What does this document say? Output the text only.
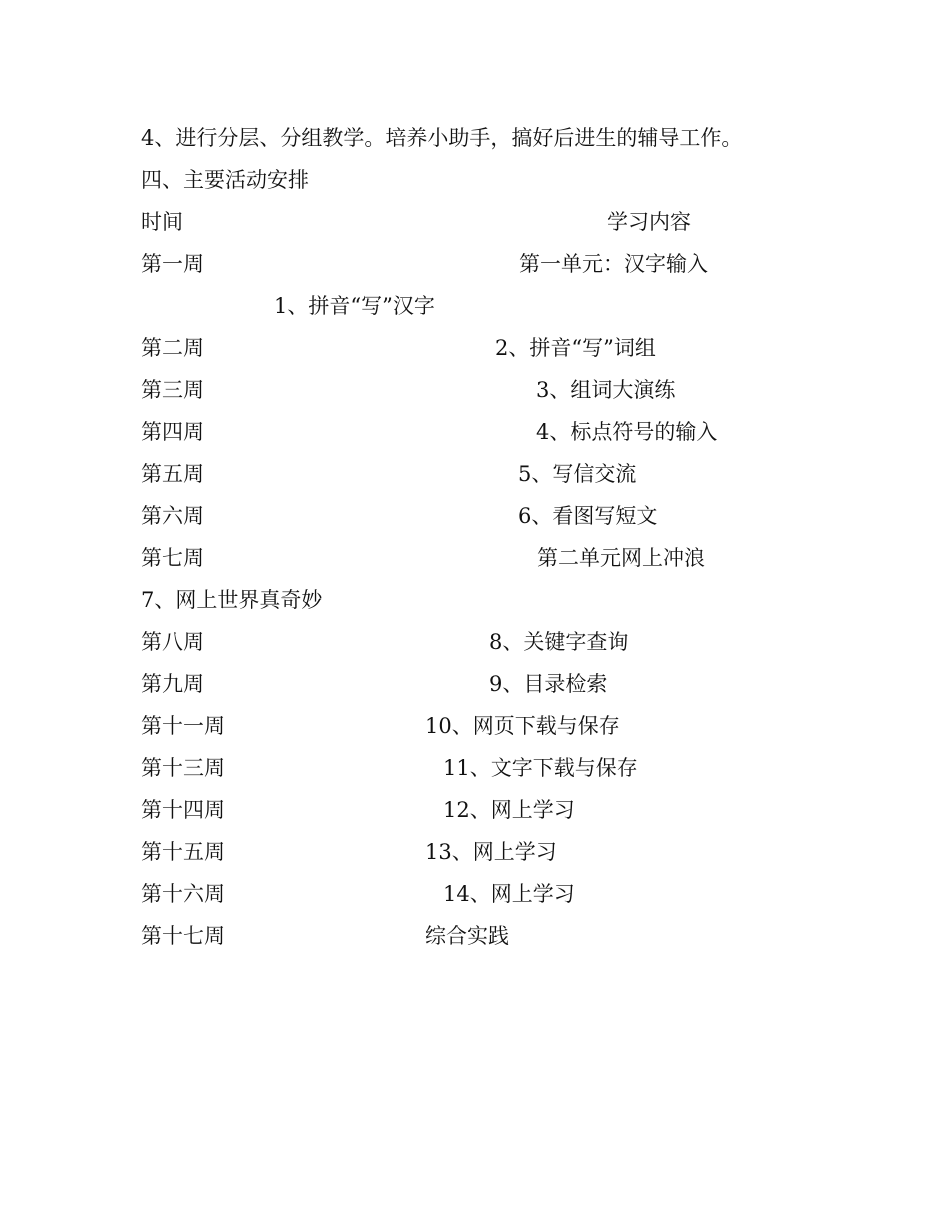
4、进行分层、分组教学。培养小助手，搞好后进生的辅导工作。
四、主要活动安排
时间	学习内容
第一周	第一单元：汉字输入
1、拼音“写”汉字
第二周	2、拼音“写”词组
第三周	3、组词大演练
第四周	4、标点符号的输入
第五周	5、写信交流
第六周	6、看图写短文
第七周	第二单元网上冲浪
7、网上世界真奇妙
第八周	8、关键字查询
第九周	9、目录检索
第十一周	10、网页下载与保存
第十三周	11、文字下载与保存
第十四周	12、网上学习
第十五周	13、网上学习
第十六周	14、网上学习
第十七周	综合实践
